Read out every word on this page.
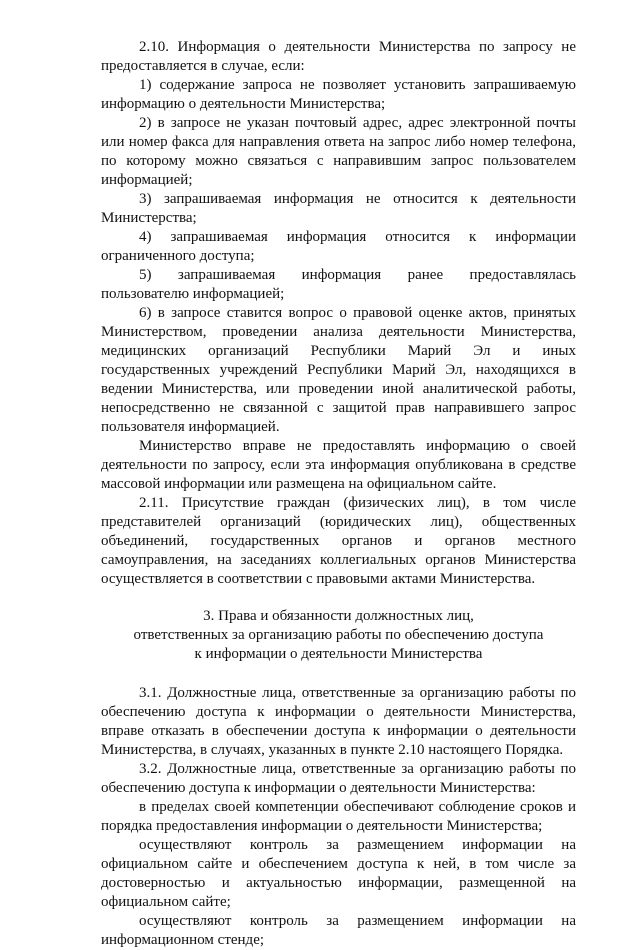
2.10. Информация о деятельности Министерства по запросу не предоставляется в случае, если:

1) содержание запроса не позволяет установить запрашиваемую информацию о деятельности Министерства;

2) в запросе не указан почтовый адрес, адрес электронной почты или номер факса для направления ответа на запрос либо номер телефона, по которому можно связаться с направившим запрос пользователем информацией;

3) запрашиваемая информация не относится к деятельности Министерства;

4) запрашиваемая информация относится к информации ограниченного доступа;

5) запрашиваемая информация ранее предоставлялась пользователю информацией;

6) в запросе ставится вопрос о правовой оценке актов, принятых Министерством, проведении анализа деятельности Министерства, медицинских организаций Республики Марий Эл и иных государственных учреждений Республики Марий Эл, находящихся в ведении Министерства, или проведении иной аналитической работы, непосредственно не связанной с защитой прав направившего запрос пользователя информацией.

Министерство вправе не предоставлять информацию о своей деятельности по запросу, если эта информация опубликована в средстве массовой информации или размещена на официальном сайте.

2.11. Присутствие граждан (физических лиц), в том числе представителей организаций (юридических лиц), общественных объединений, государственных органов и органов местного самоуправления, на заседаниях коллегиальных органов Министерства осуществляется в соответствии с правовыми актами Министерства.

3. Права и обязанности должностных лиц,
ответственных за организацию работы по обеспечению доступа
к информации о деятельности Министерства

3.1. Должностные лица, ответственные за организацию работы по обеспечению доступа к информации о деятельности Министерства, вправе отказать в обеспечении доступа к информации о деятельности Министерства, в случаях, указанных в пункте 2.10 настоящего Порядка.

3.2. Должностные лица, ответственные за организацию работы по обеспечению доступа к информации о деятельности Министерства:

в пределах своей компетенции обеспечивают соблюдение сроков и порядка предоставления информации о деятельности Министерства;

осуществляют контроль за размещением информации на официальном сайте и обеспечением доступа к ней, в том числе за достоверностью и актуальностью информации, размещенной на официальном сайте;

осуществляют контроль за размещением информации на информационном стенде;
